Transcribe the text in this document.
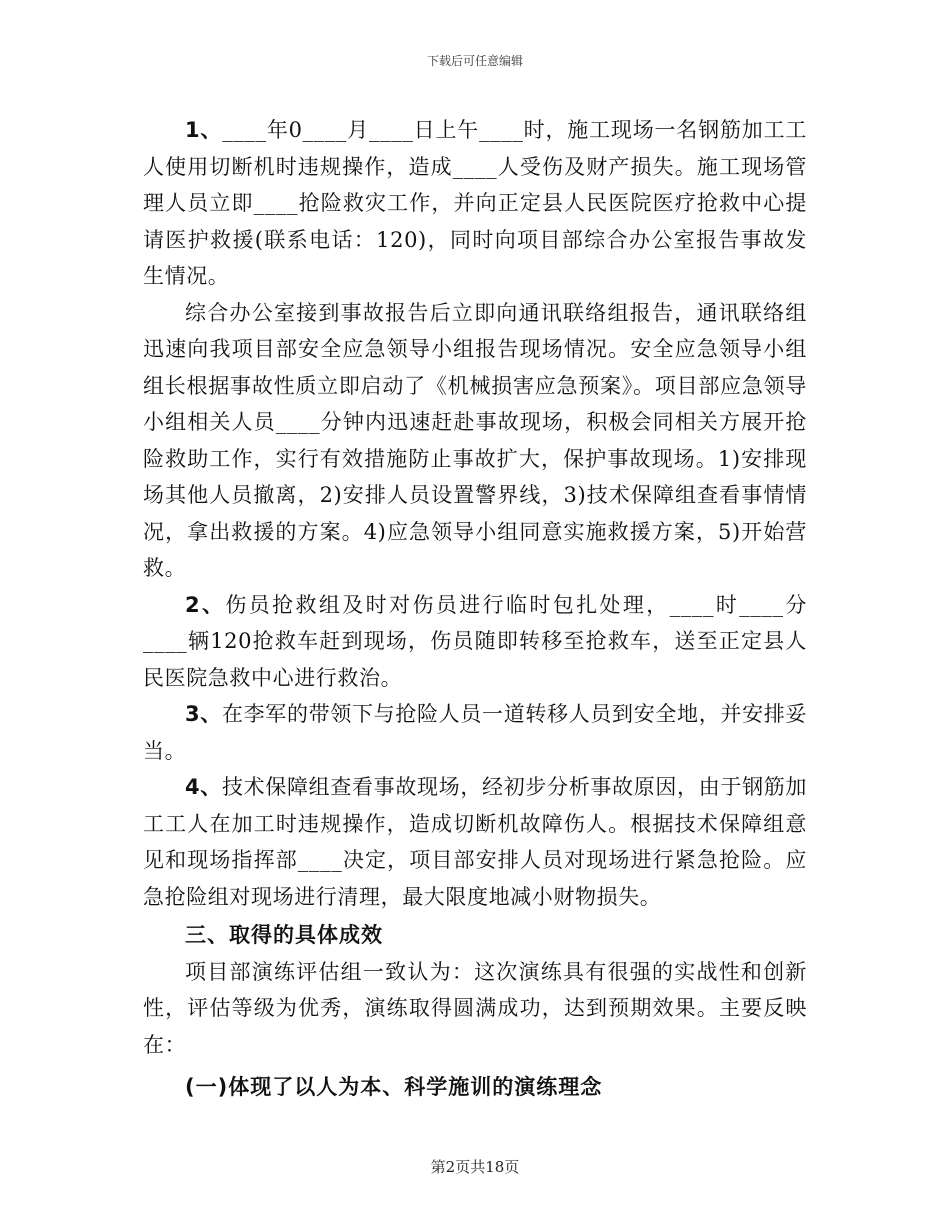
下载后可任意编辑

1、____年0____月____日上午____时，施工现场一名钢筋加工工人使用切断机时违规操作，造成____人受伤及财产损失。施工现场管理人员立即____抢险救灾工作，并向正定县人民医院医疗抢救中心提请医护救援(联系电话：120)，同时向项目部综合办公室报告事故发生情况。

综合办公室接到事故报告后立即向通讯联络组报告，通讯联络组迅速向我项目部安全应急领导小组报告现场情况。安全应急领导小组组长根据事故性质立即启动了《机械损害应急预案》。项目部应急领导小组相关人员____分钟内迅速赶赴事故现场，积极会同相关方展开抢险救助工作，实行有效措施防止事故扩大，保护事故现场。1)安排现场其他人员撤离，2)安排人员设置警界线，3)技术保障组查看事情情况，拿出救援的方案。4)应急领导小组同意实施救援方案，5)开始营救。

2、伤员抢救组及时对伤员进行临时包扎处理，____时____分____辆120抢救车赶到现场，伤员随即转移至抢救车，送至正定县人民医院急救中心进行救治。

3、在李军的带领下与抢险人员一道转移人员到安全地，并安排妥当。

4、技术保障组查看事故现场，经初步分析事故原因，由于钢筋加工工人在加工时违规操作，造成切断机故障伤人。根据技术保障组意见和现场指挥部____决定，项目部安排人员对现场进行紧急抢险。应急抢险组对现场进行清理，最大限度地减小财物损失。

三、取得的具体成效

项目部演练评估组一致认为：这次演练具有很强的实战性和创新性，评估等级为优秀，演练取得圆满成功，达到预期效果。主要反映在：

(一)体现了以人为本、科学施训的演练理念

第2页共18页
